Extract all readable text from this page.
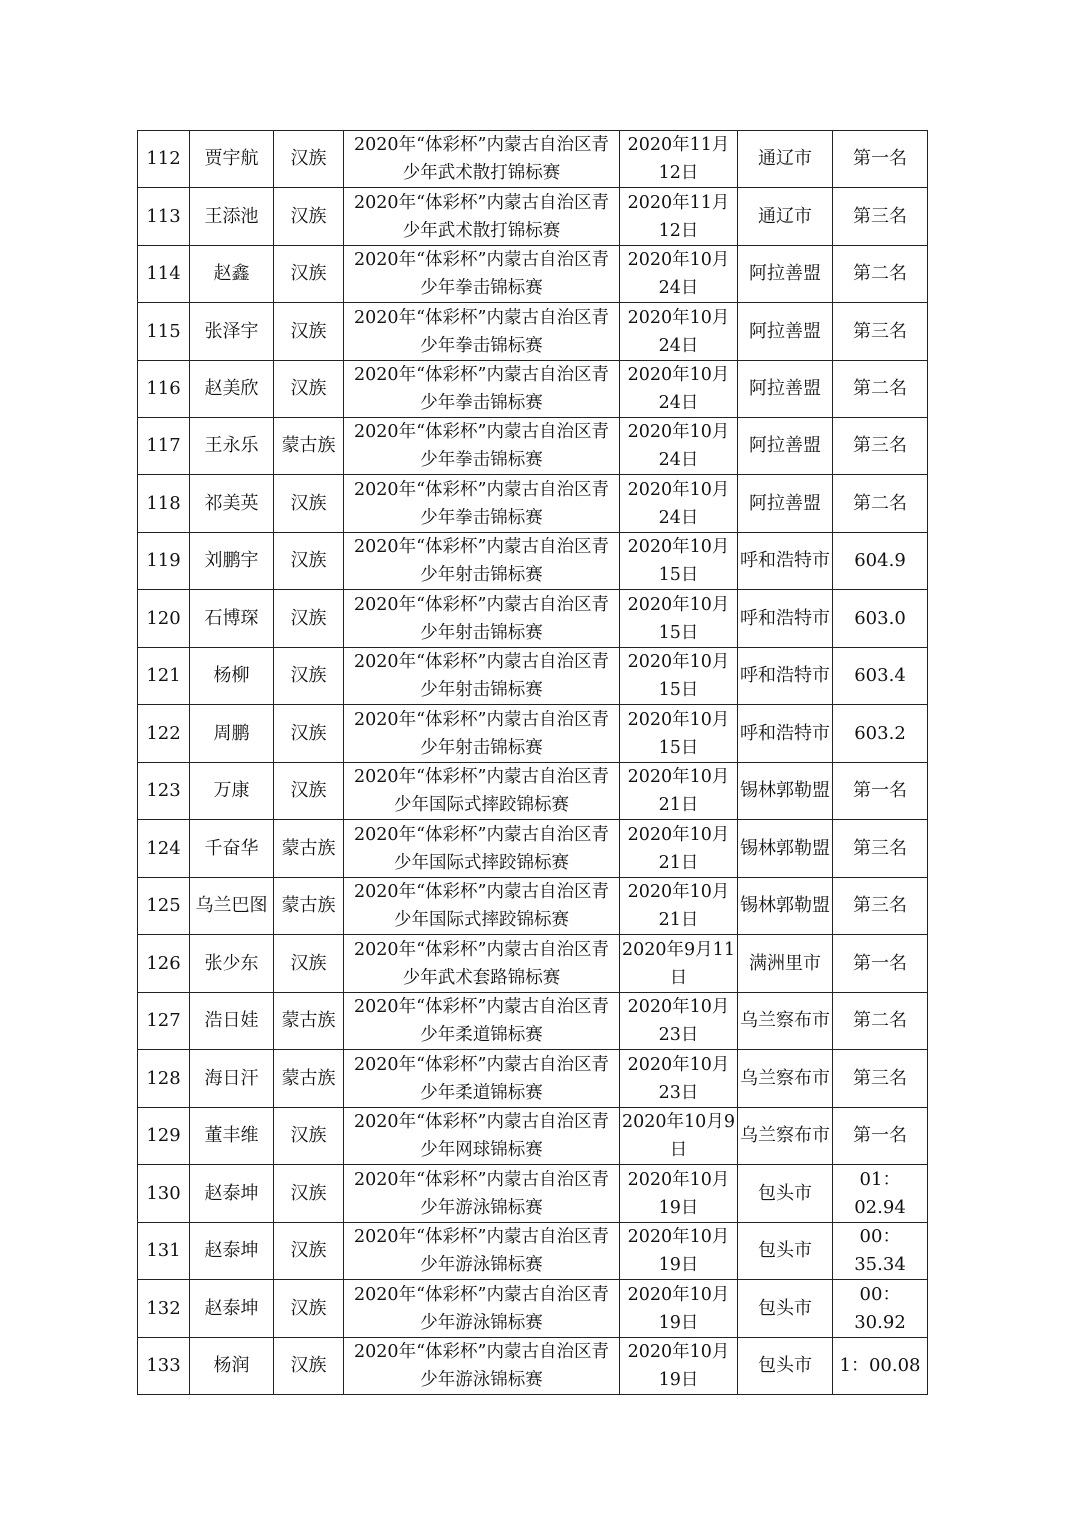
112	贾宇航	汉族	2020年“体彩杯”内蒙古自治区青少年武术散打锦标赛	2020年11月12日	通辽市	第一名
113	王添池	汉族	2020年“体彩杯”内蒙古自治区青少年武术散打锦标赛	2020年11月12日	通辽市	第三名
114	赵鑫	汉族	2020年“体彩杯”内蒙古自治区青少年拳击锦标赛	2020年10月24日	阿拉善盟	第二名
115	张泽宇	汉族	2020年“体彩杯”内蒙古自治区青少年拳击锦标赛	2020年10月24日	阿拉善盟	第三名
116	赵美欣	汉族	2020年“体彩杯”内蒙古自治区青少年拳击锦标赛	2020年10月24日	阿拉善盟	第二名
117	王永乐	蒙古族	2020年“体彩杯”内蒙古自治区青少年拳击锦标赛	2020年10月24日	阿拉善盟	第三名
118	祁美英	汉族	2020年“体彩杯”内蒙古自治区青少年拳击锦标赛	2020年10月24日	阿拉善盟	第二名
119	刘鹏宇	汉族	2020年“体彩杯”内蒙古自治区青少年射击锦标赛	2020年10月15日	呼和浩特市	604.9
120	石博琛	汉族	2020年“体彩杯”内蒙古自治区青少年射击锦标赛	2020年10月15日	呼和浩特市	603.0
121	杨柳	汉族	2020年“体彩杯”内蒙古自治区青少年射击锦标赛	2020年10月15日	呼和浩特市	603.4
122	周鹏	汉族	2020年“体彩杯”内蒙古自治区青少年射击锦标赛	2020年10月15日	呼和浩特市	603.2
123	万康	汉族	2020年“体彩杯”内蒙古自治区青少年国际式摔跤锦标赛	2020年10月21日	锡林郭勒盟	第一名
124	千奋华	蒙古族	2020年“体彩杯”内蒙古自治区青少年国际式摔跤锦标赛	2020年10月21日	锡林郭勒盟	第三名
125	乌兰巴图	蒙古族	2020年“体彩杯”内蒙古自治区青少年国际式摔跤锦标赛	2020年10月21日	锡林郭勒盟	第三名
126	张少东	汉族	2020年“体彩杯”内蒙古自治区青少年武术套路锦标赛	2020年9月11日	满洲里市	第一名
127	浩日娃	蒙古族	2020年“体彩杯”内蒙古自治区青少年柔道锦标赛	2020年10月23日	乌兰察布市	第二名
128	海日汗	蒙古族	2020年“体彩杯”内蒙古自治区青少年柔道锦标赛	2020年10月23日	乌兰察布市	第三名
129	董丰维	汉族	2020年“体彩杯”内蒙古自治区青少年网球锦标赛	2020年10月9日	乌兰察布市	第一名
130	赵泰坤	汉族	2020年“体彩杯”内蒙古自治区青少年游泳锦标赛	2020年10月19日	包头市	01：02.94
131	赵泰坤	汉族	2020年“体彩杯”内蒙古自治区青少年游泳锦标赛	2020年10月19日	包头市	00：35.34
132	赵泰坤	汉族	2020年“体彩杯”内蒙古自治区青少年游泳锦标赛	2020年10月19日	包头市	00：30.92
133	杨润	汉族	2020年“体彩杯”内蒙古自治区青少年游泳锦标赛	2020年10月19日	包头市	1：00.08
